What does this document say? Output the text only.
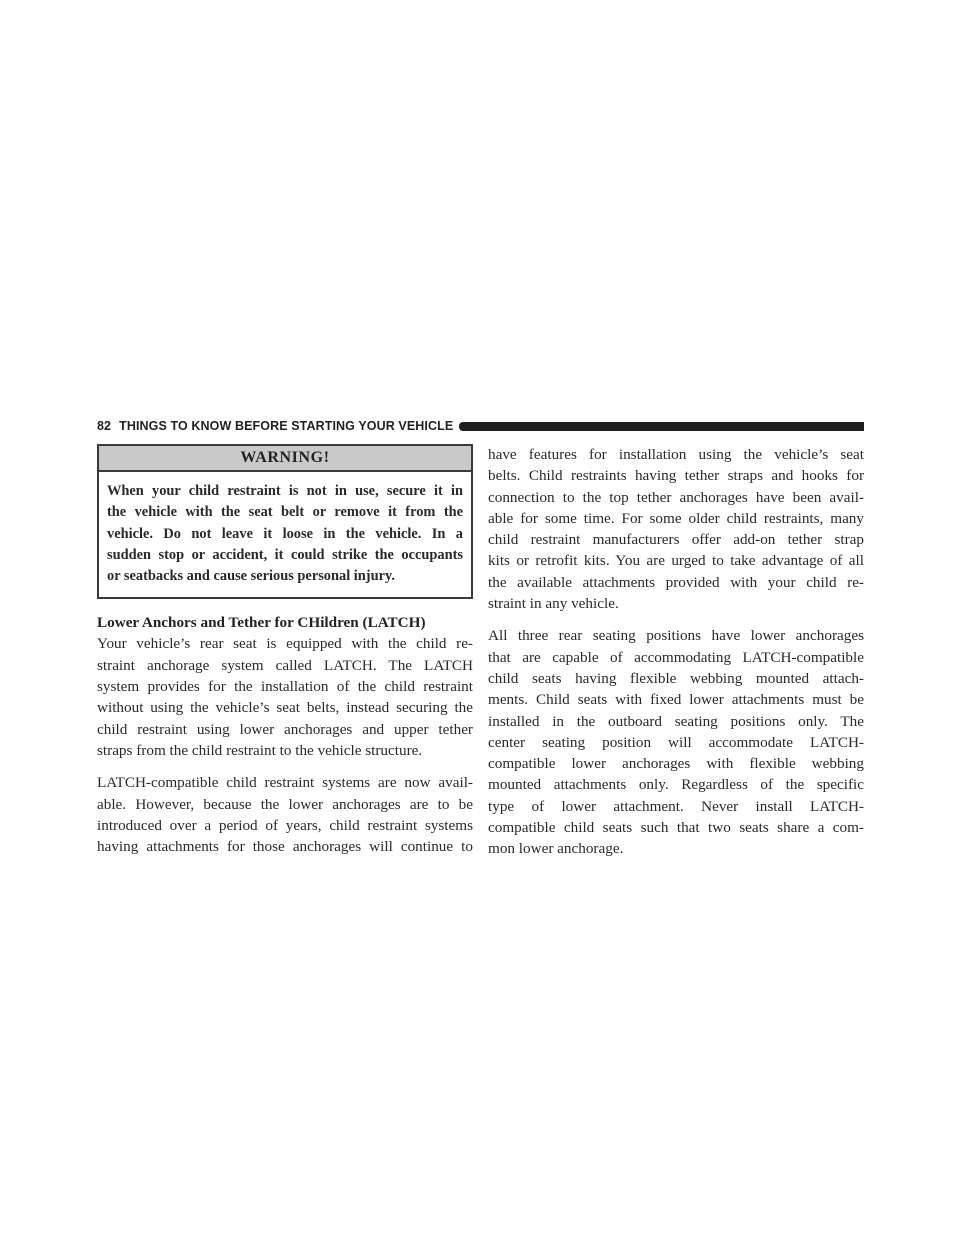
82 THINGS TO KNOW BEFORE STARTING YOUR VEHICLE
WARNING!
When your child restraint is not in use, secure it in
the vehicle with the seat belt or remove it from the
vehicle. Do not leave it loose in the vehicle. In a
sudden stop or accident, it could strike the occupants
or seatbacks and cause serious personal injury.
Lower Anchors and Tether for CHildren (LATCH)

Your vehicle’s rear seat is equipped with the child re-
straint anchorage system called LATCH. The LATCH
system provides for the installation of the child restraint
without using the vehicle’s seat belts, instead securing the
child restraint using lower anchorages and upper tether
straps from the child restraint to the vehicle structure.

LATCH-compatible child restraint systems are now avail-
able. However, because the lower anchorages are to be
introduced over a period of years, child restraint systems
having attachments for those anchorages will continue to

have features for installation using the vehicle’s seat
belts. Child restraints having tether straps and hooks for
connection to the top tether anchorages have been avail-
able for some time. For some older child restraints, many
child restraint manufacturers offer add-on tether strap
kits or retrofit kits. You are urged to take advantage of all
the available attachments provided with your child re-
straint in any vehicle.

All three rear seating positions have lower anchorages
that are capable of accommodating LATCH-compatible
child seats having flexible webbing mounted attach-
ments. Child seats with fixed lower attachments must be
installed in the outboard seating positions only. The
center seating position will accommodate LATCH-
compatible lower anchorages with flexible webbing
mounted attachments only. Regardless of the specific
type of lower attachment. Never install LATCH-
compatible child seats such that two seats share a com-
mon lower anchorage.
